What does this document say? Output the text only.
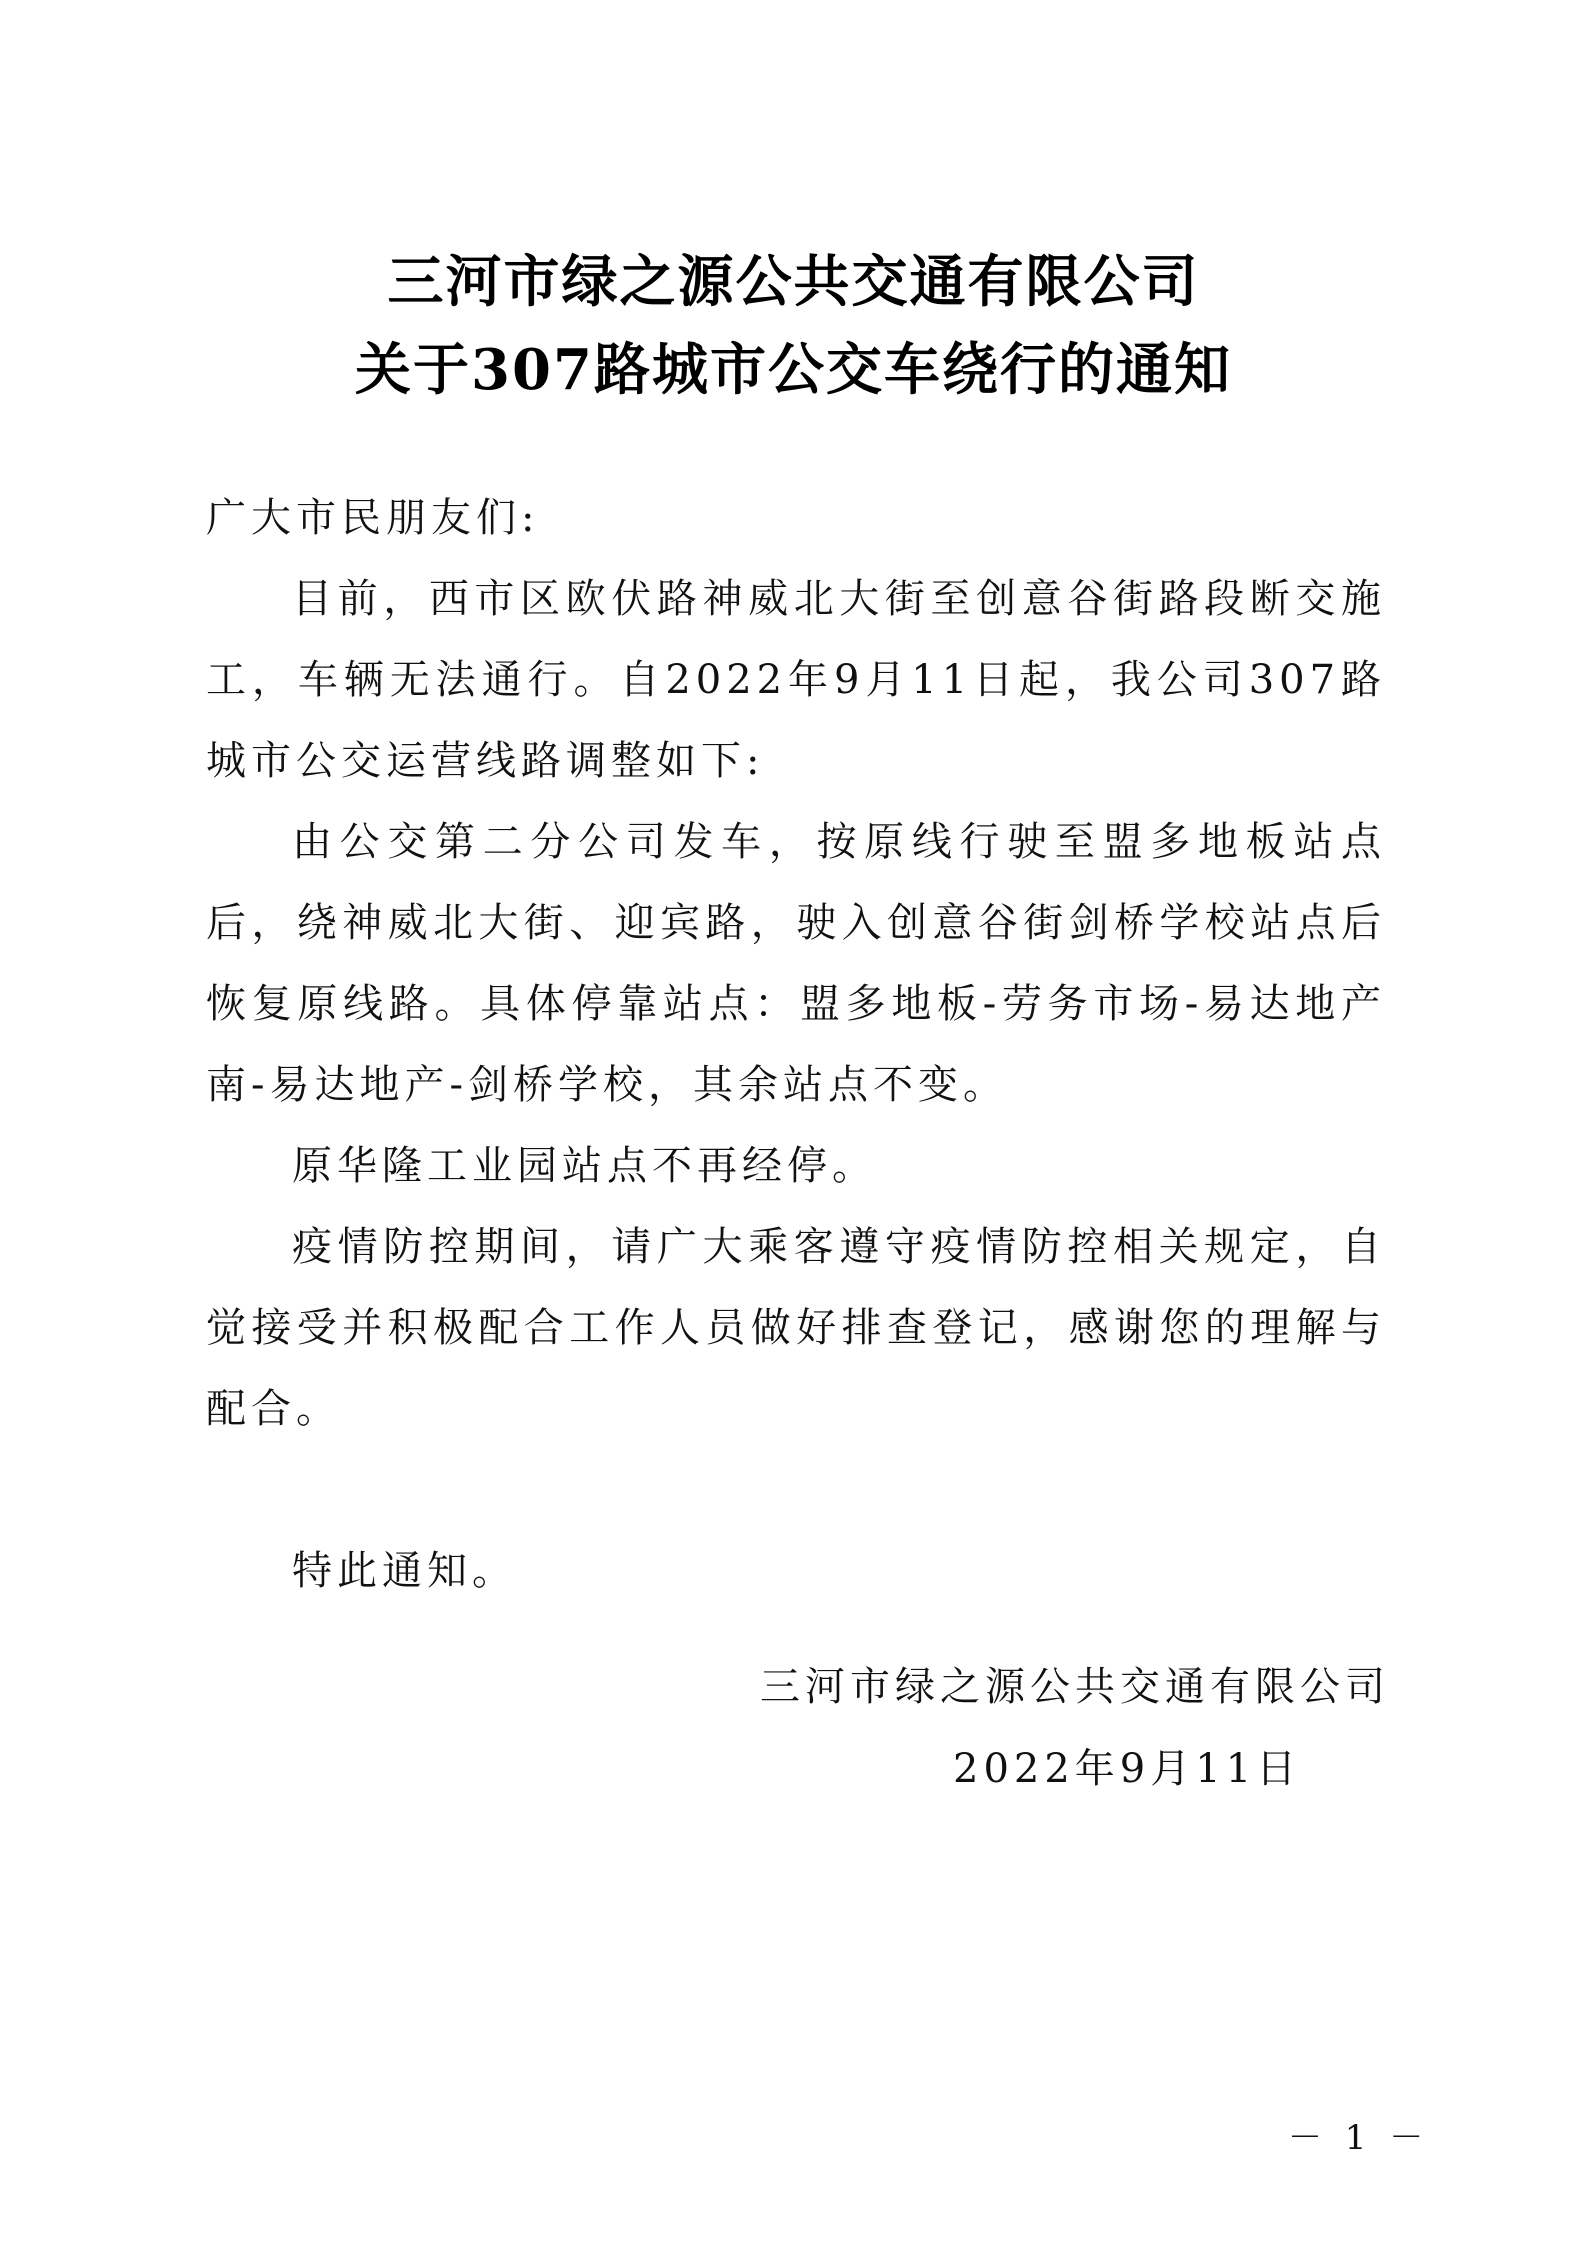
三河市绿之源公共交通有限公司
关于307路城市公交车绕行的通知

广大市民朋友们:

目前，西市区欧伏路神威北大街至创意谷街路段断交施工，车辆无法通行。自2022年9月11日起，我公司307路城市公交运营线路调整如下:

由公交第二分公司发车，按原线行驶至盟多地板站点后，绕神威北大街、迎宾路，驶入创意谷街剑桥学校站点后恢复原线路。具体停靠站点：盟多地板-劳务市场-易达地产南-易达地产-剑桥学校，其余站点不变。

原华隆工业园站点不再经停。

疫情防控期间，请广大乘客遵守疫情防控相关规定，自觉接受并积极配合工作人员做好排查登记，感谢您的理解与配合。

特此通知。

三河市绿之源公共交通有限公司
2022年9月11日
－ 1 －
